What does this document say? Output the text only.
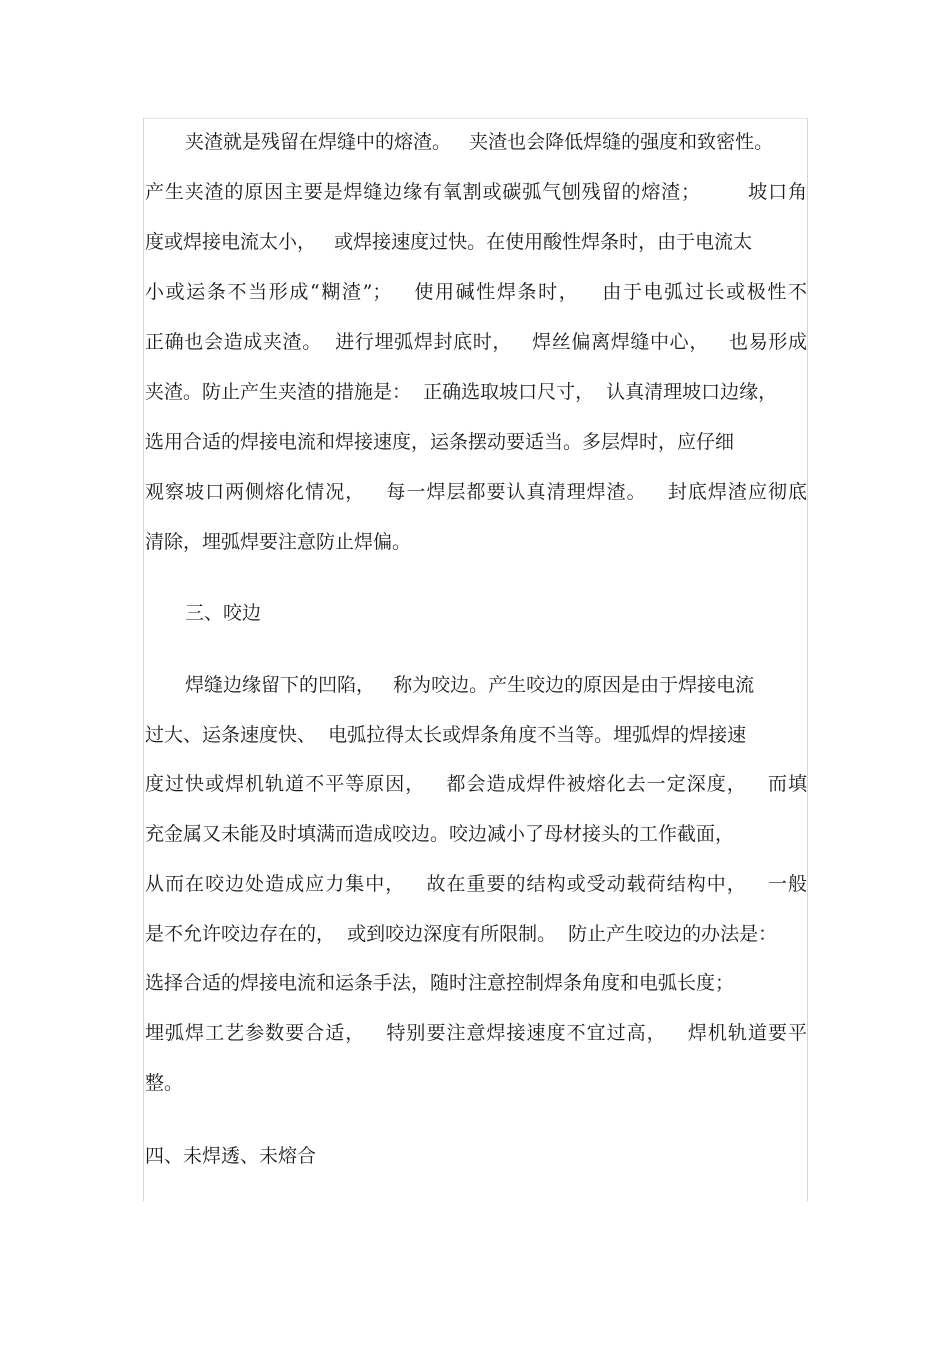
夹渣就是残留在焊缝中的熔渣。   夹渣也会降低焊缝的强度和致密性。
产生夹渣的原因主要是焊缝边缘有氧割或碳弧气刨残留的熔渣；       坡口角
度或焊接电流太小，   或焊接速度过快。在使用酸性焊条时，由于电流太
小或运条不当形成“糊渣”；   使用碱性焊条时，   由于电弧过长或极性不
正确也会造成夹渣。  进行埋弧焊封底时，   焊丝偏离焊缝中心，   也易形成
夹渣。防止产生夹渣的措施是：  正确选取坡口尺寸，  认真清理坡口边缘，
选用合适的焊接电流和焊接速度，运条摆动要适当。多层焊时，应仔细
观察坡口两侧熔化情况，   每一焊层都要认真清理焊渣。   封底焊渣应彻底
清除，埋弧焊要注意防止焊偏。
三、咬边
焊缝边缘留下的凹陷，   称为咬边。产生咬边的原因是由于焊接电流
过大、运条速度快、  电弧拉得太长或焊条角度不当等。埋弧焊的焊接速
度过快或焊机轨道不平等原因，   都会造成焊件被熔化去一定深度，   而填
充金属又未能及时填满而造成咬边。咬边减小了母材接头的工作截面，
从而在咬边处造成应力集中，   故在重要的结构或受动载荷结构中，   一般
是不允许咬边存在的，  或到咬边深度有所限制。  防止产生咬边的办法是：
选择合适的焊接电流和运条手法，随时注意控制焊条角度和电弧长度；
埋弧焊工艺参数要合适，   特别要注意焊接速度不宜过高，   焊机轨道要平
整。
四、未焊透、未熔合
